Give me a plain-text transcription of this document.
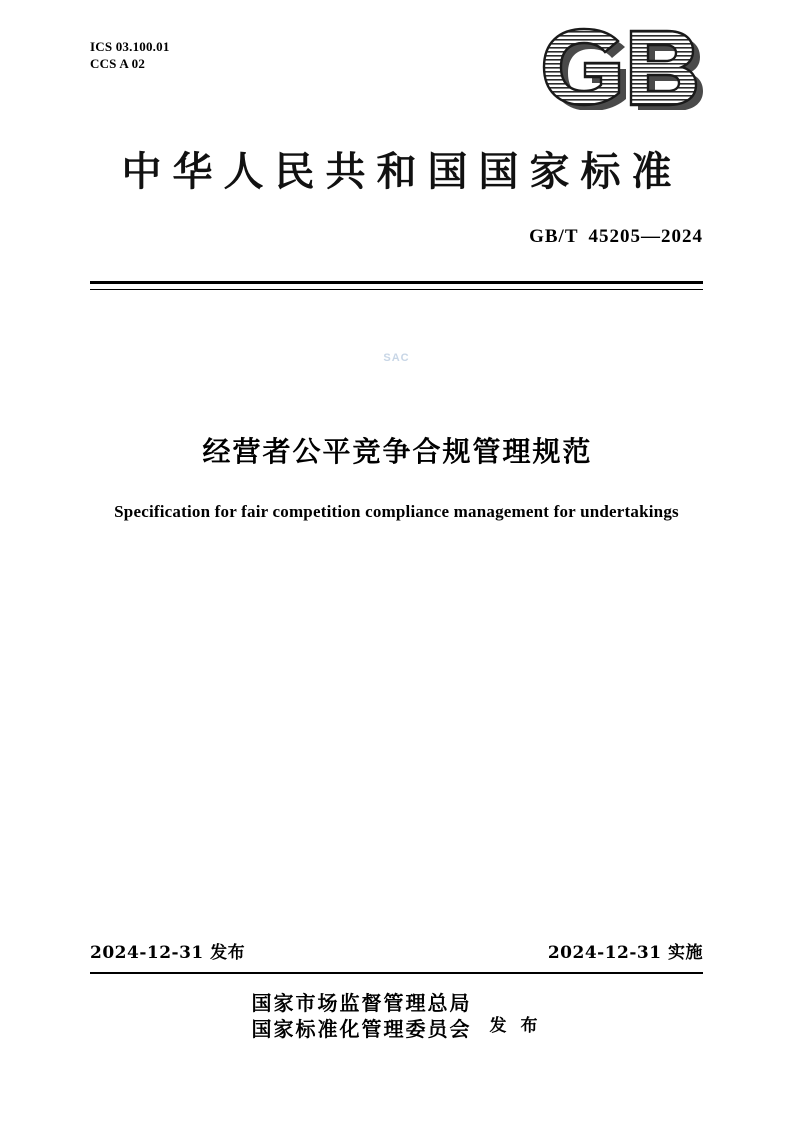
ICS 03.100.01
CCS A 02
中华人民共和国国家标准
GB/T 45205—2024
SAC
经营者公平竞争合规管理规范
Specification for fair competition compliance management for undertakings
2024-12-31 发布	2024-12-31 实施
国家市场监督管理总局
国家标准化管理委员会 发 布
